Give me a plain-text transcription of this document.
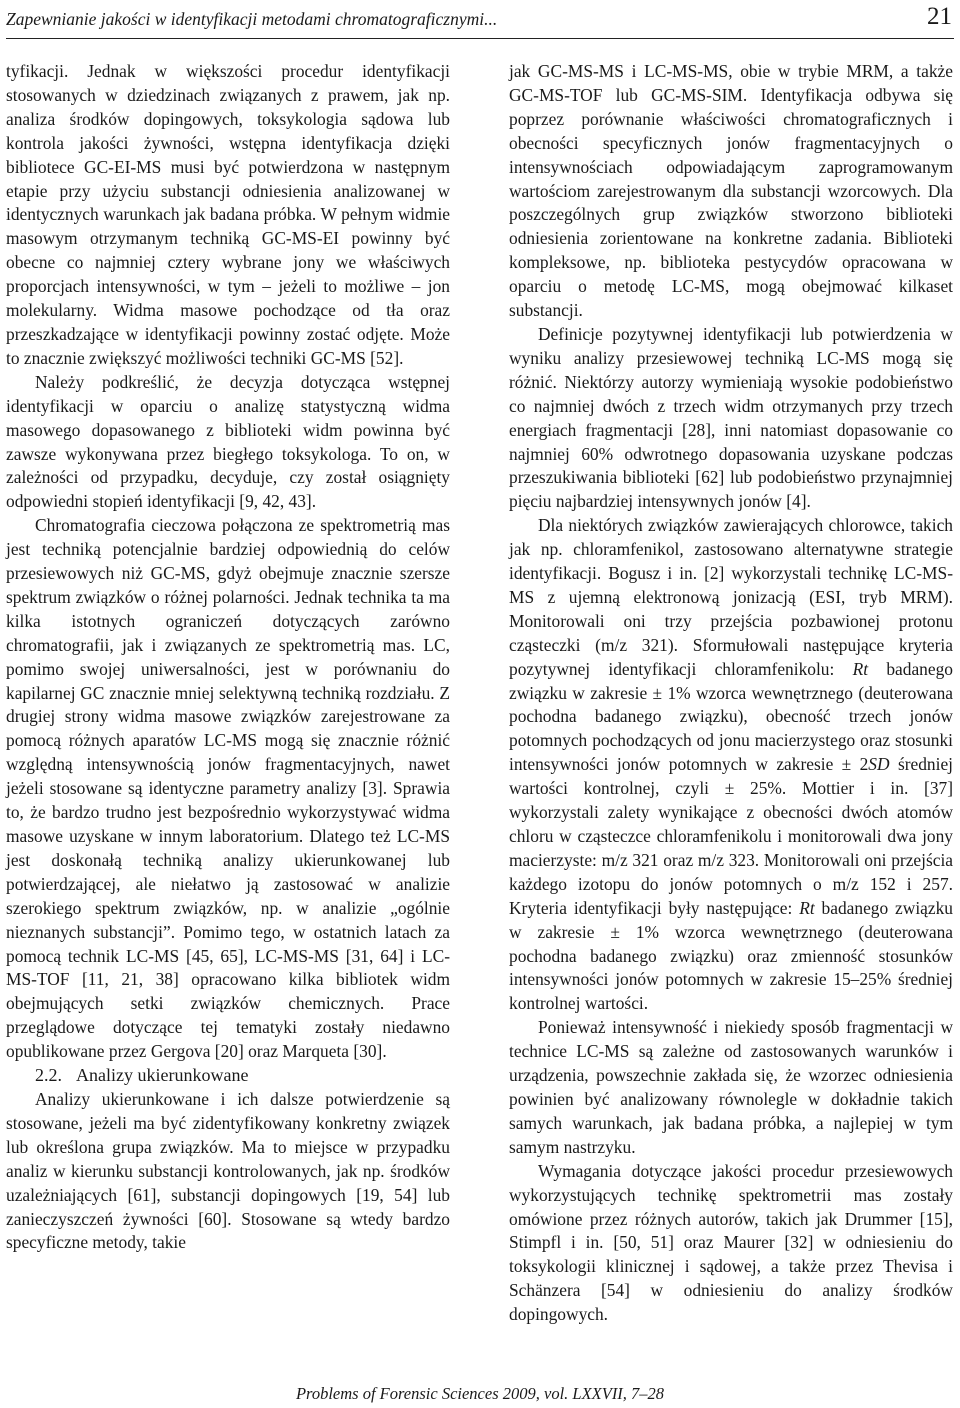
Zapewnianie jakości w identyfikacji metodami chromatograficznymi...	21

tyfikacji. Jednak w większości procedur identyfikacji stosowanych w dziedzinach związanych z prawem, jak np. analiza środków dopingowych, toksykologia sądowa lub kontrola jakości żywności, wstępna identyfikacja dzięki bibliotece GC-EI-MS musi być potwierdzona w następnym etapie przy użyciu substancji odniesienia analizowanej w identycznych warunkach jak badana próbka. W pełnym widmie masowym otrzymanym techniką GC-MS-EI powinny być obecne co najmniej cztery wybrane jony we właściwych proporcjach intensywności, w tym – jeżeli to możliwe – jon molekularny. Widma masowe pochodzące od tła oraz przeszkadzające w identyfikacji powinny zostać odjęte. Może to znacznie zwiększyć możliwości techniki GC-MS [52].

Należy podkreślić, że decyzja dotycząca wstępnej identyfikacji w oparciu o analizę statystyczną widma masowego dopasowanego z biblioteki widm powinna być zawsze wykonywana przez biegłego toksykologa. To on, w zależności od przypadku, decyduje, czy został osiągnięty odpowiedni stopień identyfikacji [9, 42, 43].

Chromatografia cieczowa połączona ze spektrometrią mas jest techniką potencjalnie bardziej odpowiednią do celów przesiewowych niż GC-MS, gdyż obejmuje znacznie szersze spektrum związków o różnej polarności. Jednak technika ta ma kilka istotnych ograniczeń dotyczących zarówno chromatografii, jak i związanych ze spektrometrią mas. LC, pomimo swojej uniwersalności, jest w porównaniu do kapilarnej GC znacznie mniej selektywną techniką rozdziału. Z drugiej strony widma masowe związków zarejestrowane za pomocą różnych aparatów LC-MS mogą się znacznie różnić względną intensywnością jonów fragmentacyjnych, nawet jeżeli stosowane są identyczne parametry analizy [3]. Sprawia to, że bardzo trudno jest bezpośrednio wykorzystywać widma masowe uzyskane w innym laboratorium. Dlatego też LC-MS jest doskonałą techniką analizy ukierunkowanej lub potwierdzającej, ale niełatwo ją zastosować w analizie szerokiego spektrum związków, np. w analizie „ogólnie nieznanych substancji”. Pomimo tego, w ostatnich latach za pomocą technik LC-MS [45, 65], LC-MS-MS [31, 64] i LC-MS-TOF [11, 21, 38] opracowano kilka bibliotek widm obejmujących setki związków chemicznych. Prace przeglądowe dotyczące tej tematyki zostały niedawno opublikowane przez Gergova [20] oraz Marqueta [30].

2.2. Analizy ukierunkowane

Analizy ukierunkowane i ich dalsze potwierdzenie są stosowane, jeżeli ma być zidentyfikowany konkretny związek lub określona grupa związków. Ma to miejsce w przypadku analiz w kierunku substancji kontrolowanych, jak np. środków uzależniających [61], substancji dopingowych [19, 54] lub zanieczyszczeń żywności [60]. Stosowane są wtedy bardzo specyficzne metody, takie

jak GC-MS-MS i LC-MS-MS, obie w trybie MRM, a także GC-MS-TOF lub GC-MS-SIM. Identyfikacja odbywa się poprzez porównanie właściwości chromatograficznych i obecności specyficznych jonów fragmentacyjnych o intensywnościach odpowiadającym zaprogramowanym wartościom zarejestrowanym dla substancji wzorcowych. Dla poszczególnych grup związków stworzono biblioteki odniesienia zorientowane na konkretne zadania. Biblioteki kompleksowe, np. biblioteka pestycydów opracowana w oparciu o metodę LC-MS, mogą obejmować kilkaset substancji.

Definicje pozytywnej identyfikacji lub potwierdzenia w wyniku analizy przesiewowej techniką LC-MS mogą się różnić. Niektórzy autorzy wymieniają wysokie podobieństwo co najmniej dwóch z trzech widm otrzymanych przy trzech energiach fragmentacji [28], inni natomiast dopasowanie co najmniej 60% odwrotnego dopasowania uzyskane podczas przeszukiwania biblioteki [62] lub podobieństwo przynajmniej pięciu najbardziej intensywnych jonów [4].

Dla niektórych związków zawierających chlorowce, takich jak np. chloramfenikol, zastosowano alternatywne strategie identyfikacji. Bogusz i in. [2] wykorzystali technikę LC-MS-MS z ujemną elektronową jonizacją (ESI, tryb MRM). Monitorowali oni trzy przejścia pozbawionej protonu cząsteczki (m/z 321). Sformułowali następujące kryteria pozytywnej identyfikacji chloramfenikolu: Rt badanego związku w zakresie ± 1% wzorca wewnętrznego (deuterowana pochodna badanego związku), obecność trzech jonów potomnych pochodzących od jonu macierzystego oraz stosunki intensywności jonów potomnych w zakresie ± 2SD średniej wartości kontrolnej, czyli ± 25%. Mottier i in. [37] wykorzystali zalety wynikające z obecności dwóch atomów chloru w cząsteczce chloramfenikolu i monitorowali dwa jony macierzyste: m/z 321 oraz m/z 323. Monitorowali oni przejścia każdego izotopu do jonów potomnych o m/z 152 i 257. Kryteria identyfikacji były następujące: Rt badanego związku w zakresie ± 1% wzorca wewnętrznego (deuterowana pochodna badanego związku) oraz zmienność stosunków intensywności jonów potomnych w zakresie 15–25% średniej kontrolnej wartości.

Ponieważ intensywność i niekiedy sposób fragmentacji w technice LC-MS są zależne od zastosowanych warunków i urządzenia, powszechnie zakłada się, że wzorzec odniesienia powinien być analizowany równolegle w dokładnie takich samych warunkach, jak badana próbka, a najlepiej w tym samym nastrzyku.

Wymagania dotyczące jakości procedur przesiewowych wykorzystujących technikę spektrometrii mas zostały omówione przez różnych autorów, takich jak Drummer [15], Stimpfl i in. [50, 51] oraz Maurer [32] w odniesieniu do toksykologii klinicznej i sądowej, a także przez Thevisa i Schänzera [54] w odniesieniu do analizy środków dopingowych.

Problems of Forensic Sciences 2009, vol. LXXVII, 7–28
